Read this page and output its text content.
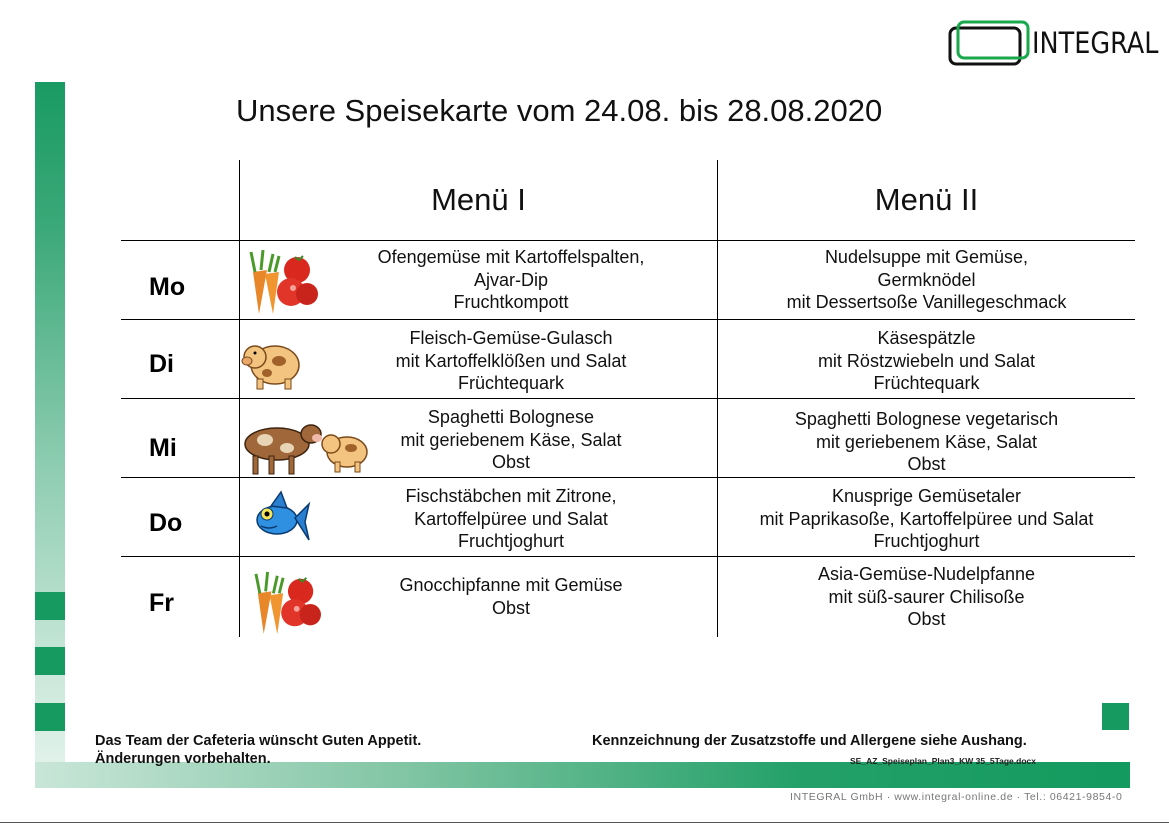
INTEGRAL
Unsere Speisekarte vom 24.08. bis 28.08.2020
Menü I	Menü II
Mo
Ofengemüse mit Kartoffelspalten,
Ajvar-Dip
Fruchtkompott
Nudelsuppe mit Gemüse,
Germknödel
mit Dessertsoße Vanillegeschmack
Di
Fleisch-Gemüse-Gulasch
mit Kartoffelklößen und Salat
Früchtequark
Käsespätzle
mit Röstzwiebeln und Salat
Früchtequark
Mi
Spaghetti Bolognese
mit geriebenem Käse, Salat
Obst
Spaghetti Bolognese vegetarisch
mit geriebenem Käse, Salat
Obst
Do
Fischstäbchen mit Zitrone,
Kartoffelpüree und Salat
Fruchtjoghurt
Knusprige Gemüsetaler
mit Paprikasoße, Kartoffelpüree und Salat
Fruchtjoghurt
Fr
Gnocchipfanne mit Gemüse
Obst
Asia-Gemüse-Nudelpfanne
mit süß-saurer Chilisoße
Obst
Das Team der Cafeteria wünscht Guten Appetit.
Änderungen vorbehalten.
Kennzeichnung der Zusatzstoffe und Allergene siehe Aushang.
SE_AZ_Speiseplan_Plan3_KW 35_5Tage.docx
INTEGRAL GmbH · www.integral-online.de · Tel.: 06421-9854-0
